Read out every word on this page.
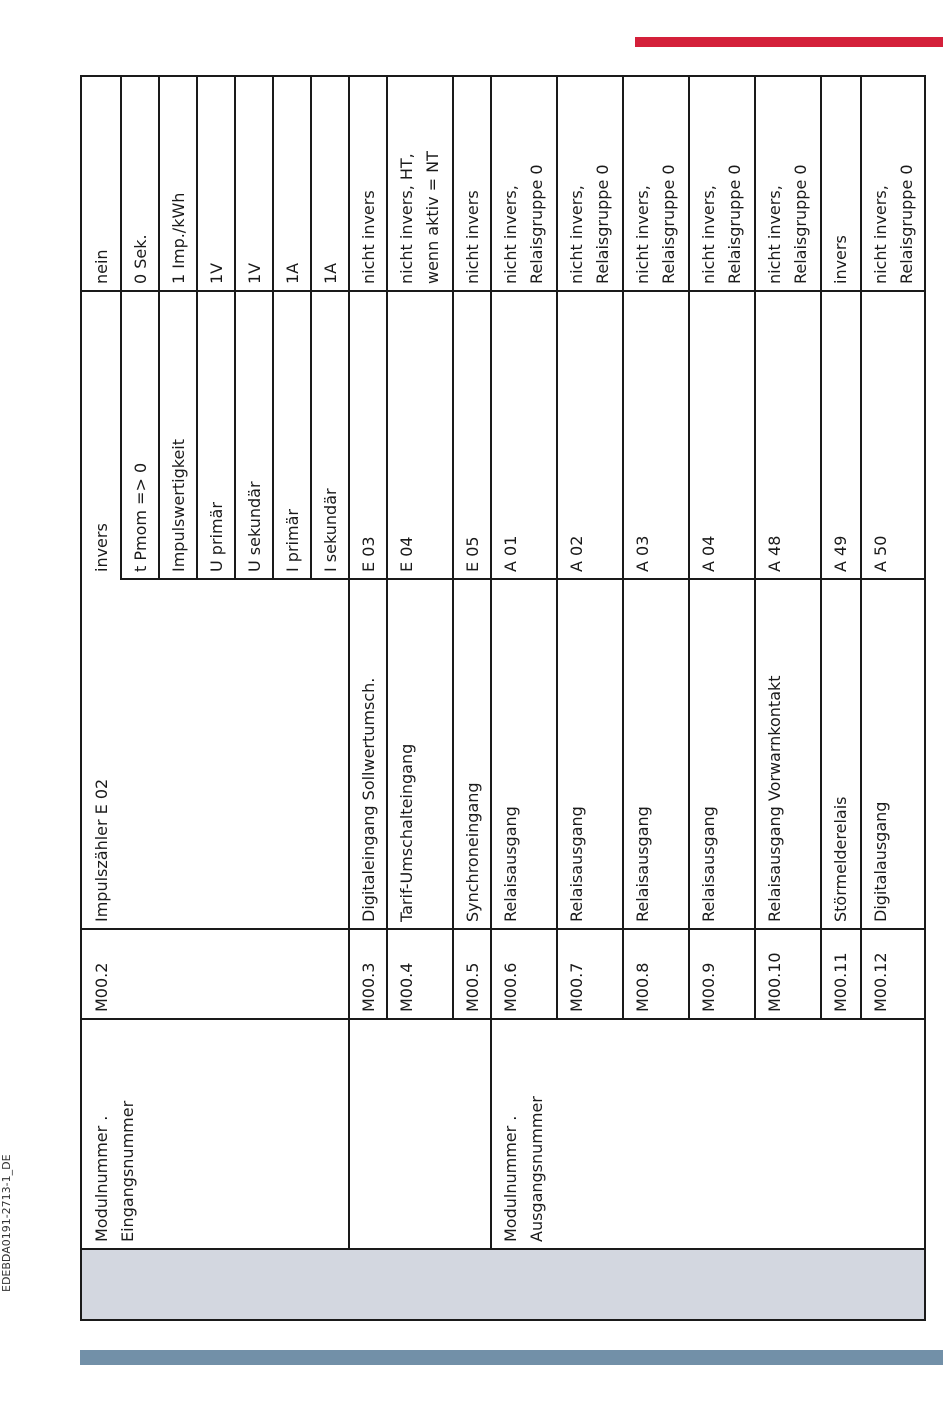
EDEBDA0191-2713-1_DE
nein
invers
Impulszähler E 02
M00.2
0 Sek.
t Pmom => 0
1 Imp./kWh
Impulswertigkeit
1V
U primär
1V
U sekundär
1A
I primär
1A
I sekundär
nicht invers
E 03
Digitaleingang Sollwertumsch.
M00.3
nicht invers, HT,
wenn aktiv = NT
E 04
Tarif-Umschalteingang
M00.4
nicht invers
E 05
Synchroneingang
M00.5
nicht invers,
Relaisgruppe 0
A 01
Relaisausgang
M00.6
nicht invers,
Relaisgruppe 0
A 02
Relaisausgang
M00.7
nicht invers,
Relaisgruppe 0
A 03
Relaisausgang
M00.8
nicht invers,
Relaisgruppe 0
A 04
Relaisausgang
M00.9
nicht invers,
Relaisgruppe 0
A 48
Relaisausgang Vorwarnkontakt
M00.10
invers
A 49
Störmelderelais
M00.11
nicht invers,
Relaisgruppe 0
A 50
Digitalausgang
M00.12
Modulnummer .
Eingangsnummer	Modulnummer .
Ausgangsnummer
